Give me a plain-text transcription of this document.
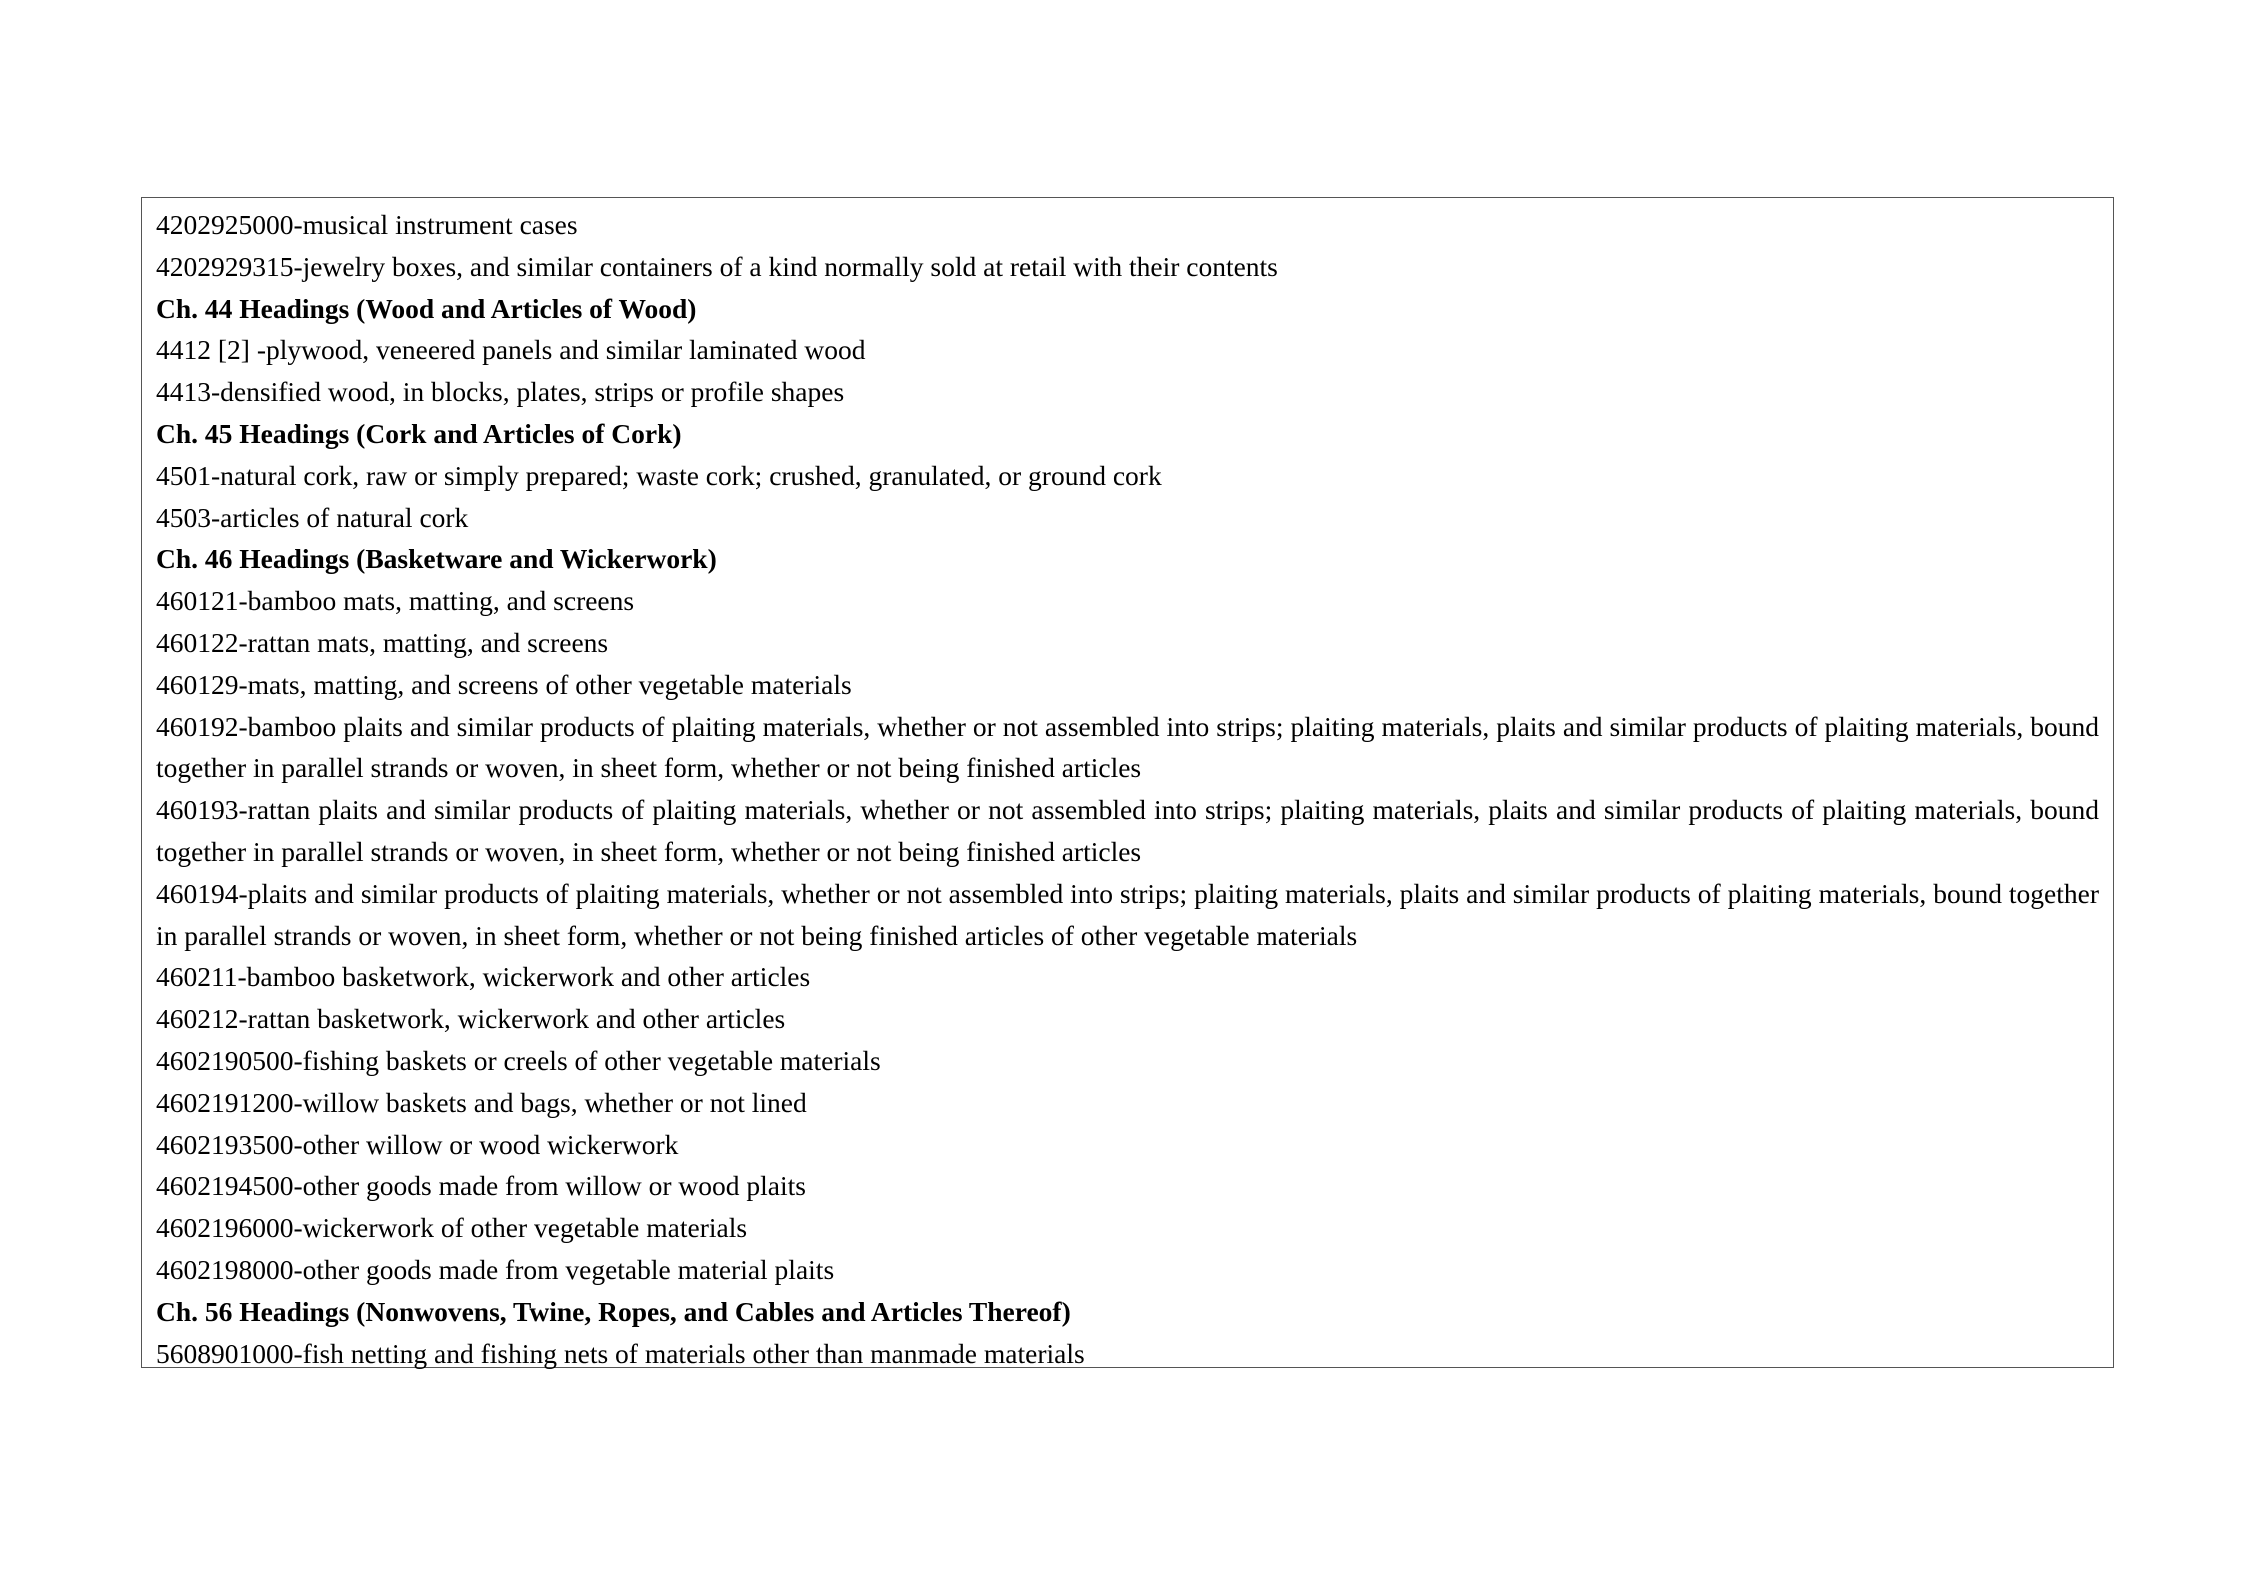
4202925000-musical instrument cases

4202929315-jewelry boxes, and similar containers of a kind normally sold at retail with their contents

Ch. 44 Headings (Wood and Articles of Wood)

4412 [2] -plywood, veneered panels and similar laminated wood

4413-densified wood, in blocks, plates, strips or profile shapes

Ch. 45 Headings (Cork and Articles of Cork)

4501-natural cork, raw or simply prepared; waste cork; crushed, granulated, or ground cork

4503-articles of natural cork

Ch. 46 Headings (Basketware and Wickerwork)

460121-bamboo mats, matting, and screens

460122-rattan mats, matting, and screens

460129-mats, matting, and screens of other vegetable materials

460192-bamboo plaits and similar products of plaiting materials, whether or not assembled into strips; plaiting materials, plaits and similar products of plaiting materials, bound together in parallel strands or woven, in sheet form, whether or not being finished articles

460193-rattan plaits and similar products of plaiting materials, whether or not assembled into strips; plaiting materials, plaits and similar products of plaiting materials, bound together in parallel strands or woven, in sheet form, whether or not being finished articles

460194-plaits and similar products of plaiting materials, whether or not assembled into strips; plaiting materials, plaits and similar products of plaiting materials, bound together in parallel strands or woven, in sheet form, whether or not being finished articles of other vegetable materials

460211-bamboo basketwork, wickerwork and other articles

460212-rattan basketwork, wickerwork and other articles

4602190500-fishing baskets or creels of other vegetable materials

4602191200-willow baskets and bags, whether or not lined

4602193500-other willow or wood wickerwork

4602194500-other goods made from willow or wood plaits

4602196000-wickerwork of other vegetable materials

4602198000-other goods made from vegetable material plaits

Ch. 56 Headings (Nonwovens, Twine, Ropes, and Cables and Articles Thereof)

5608901000-fish netting and fishing nets of materials other than manmade materials
